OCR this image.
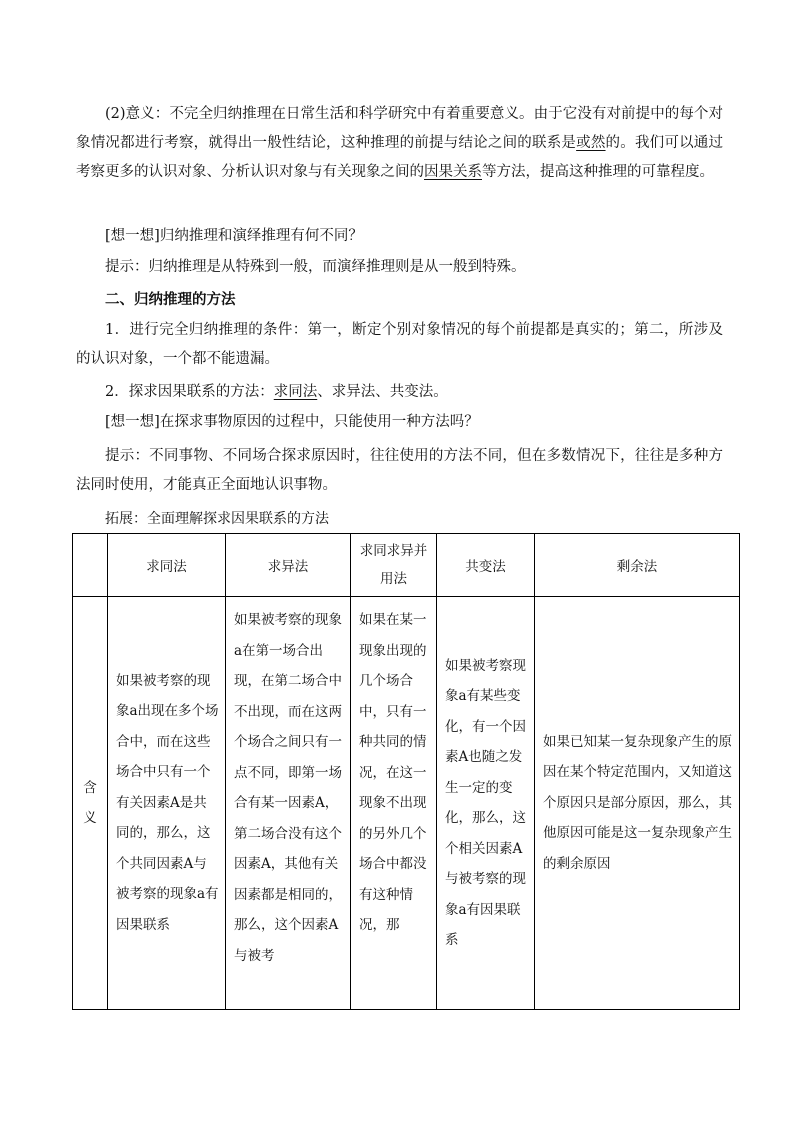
(2)意义：不完全归纳推理在日常生活和科学研究中有着重要意义。由于它没有对前提中的每个对象情况都进行考察，就得出一般性结论，这种推理的前提与结论之间的联系是或然的。我们可以通过考察更多的认识对象、分析认识对象与有关现象之间的因果关系等方法，提高这种推理的可靠程度。

[想一想]归纳推理和演绎推理有何不同？

提示：归纳推理是从特殊到一般，而演绎推理则是从一般到特殊。

二、归纳推理的方法

1．进行完全归纳推理的条件：第一，断定个别对象情况的每个前提都是真实的；第二，所涉及的认识对象，一个都不能遗漏。

2．探求因果联系的方法：求同法、求异法、共变法。

[想一想]在探求事物原因的过程中，只能使用一种方法吗？

提示：不同事物、不同场合探求原因时，往往使用的方法不同，但在多数情况下，往往是多种方法同时使用，才能真正全面地认识事物。

拓展：全面理解探求因果联系的方法

	求同法	求异法	求同求异并用法	共变法	剩余法
含义	如果被考察的现象a出现在多个场合中，而在这些场合中只有一个有关因素A是共同的，那么，这个共同因素A与被考察的现象a有因果联系	如果被考察的现象a在第一场合出现，在第二场合中不出现，而在这两个场合之间只有一点不同，即第一场合有某一因素A，第二场合没有这个因素A，其他有关因素都是相同的，那么，这个因素A与被考	如果在某一现象出现的几个场合中，只有一种共同的情况，在这一现象不出现的另外几个场合中都没有这种情况，那	如果被考察现象a有某些变化，有一个因素A也随之发生一定的变化，那么，这个相关因素A与被考察的现象a有因果联系	如果已知某一复杂现象产生的原因在某个特定范围内，又知道这个原因只是部分原因，那么，其他原因可能是这一复杂现象产生的剩余原因
